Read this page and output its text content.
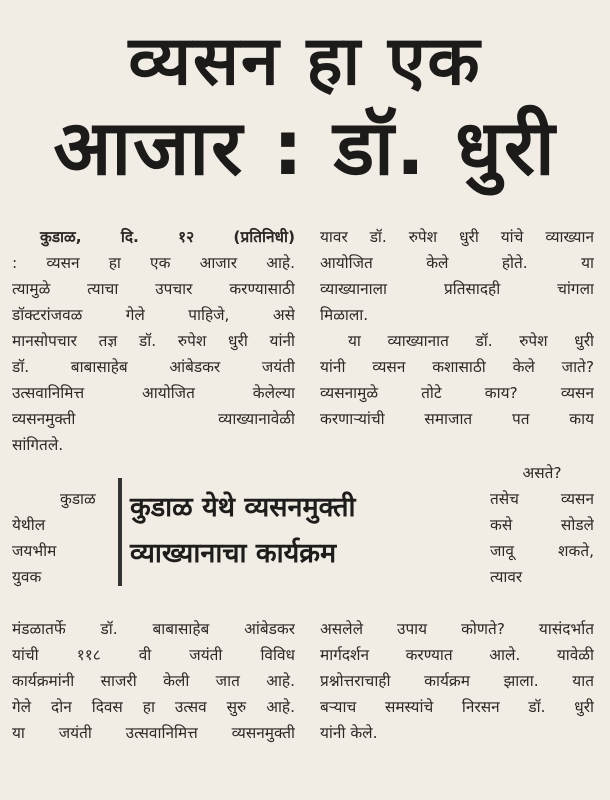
व्यसन हा एक
आजार : डॉ. धुरी
कुडाळ, दि. १२ (प्रतिनिधी)
: व्यसन हा एक आजार आहे.
त्यामुळे त्याचा उपचार करण्यासाठी
डॉक्टरांजवळ गेले पाहिजे, असे
मानसोपचार तज्ञ डॉ. रुपेश धुरी यांनी
डॉ. बाबासाहेब आंबेडकर जयंती
उत्सवानिमित्त आयोजित केलेल्या
व्यसनमुक्ती व्याख्यानावेळी
सांगितले.
कुडाळ
येथील
जयभीम
युवक
कुडाळ येथे व्यसनमुक्ती
व्याख्यानाचा कार्यक्रम
मंडळातर्फे डॉ. बाबासाहेब आंबेडकर
यांची ११८ वी जयंती विविध
कार्यक्रमांनी साजरी केली जात आहे.
गेले दोन दिवस हा उत्सव सुरु आहे.
या जयंती उत्सवानिमित्त व्यसनमुक्ती
यावर डॉ. रुपेश धुरी यांचे व्याख्यान
आयोजित केले होते. या
व्याख्यानाला प्रतिसादही चांगला
मिळाला.
या व्याख्यानात डॉ. रुपेश धुरी
यांनी व्यसन कशासाठी केले जाते?
व्यसनामुळे तोटे काय? व्यसन
करणाऱ्यांची समाजात पत काय
असते?
तसेच व्यसन
कसे सोडले
जावू शकते,
त्यावर
असलेले उपाय कोणते? यासंदर्भात
मार्गदर्शन करण्यात आले. यावेळी
प्रश्नोत्तराचाही कार्यक्रम झाला. यात
बऱ्याच समस्यांचे निरसन डॉ. धुरी
यांनी केले.
